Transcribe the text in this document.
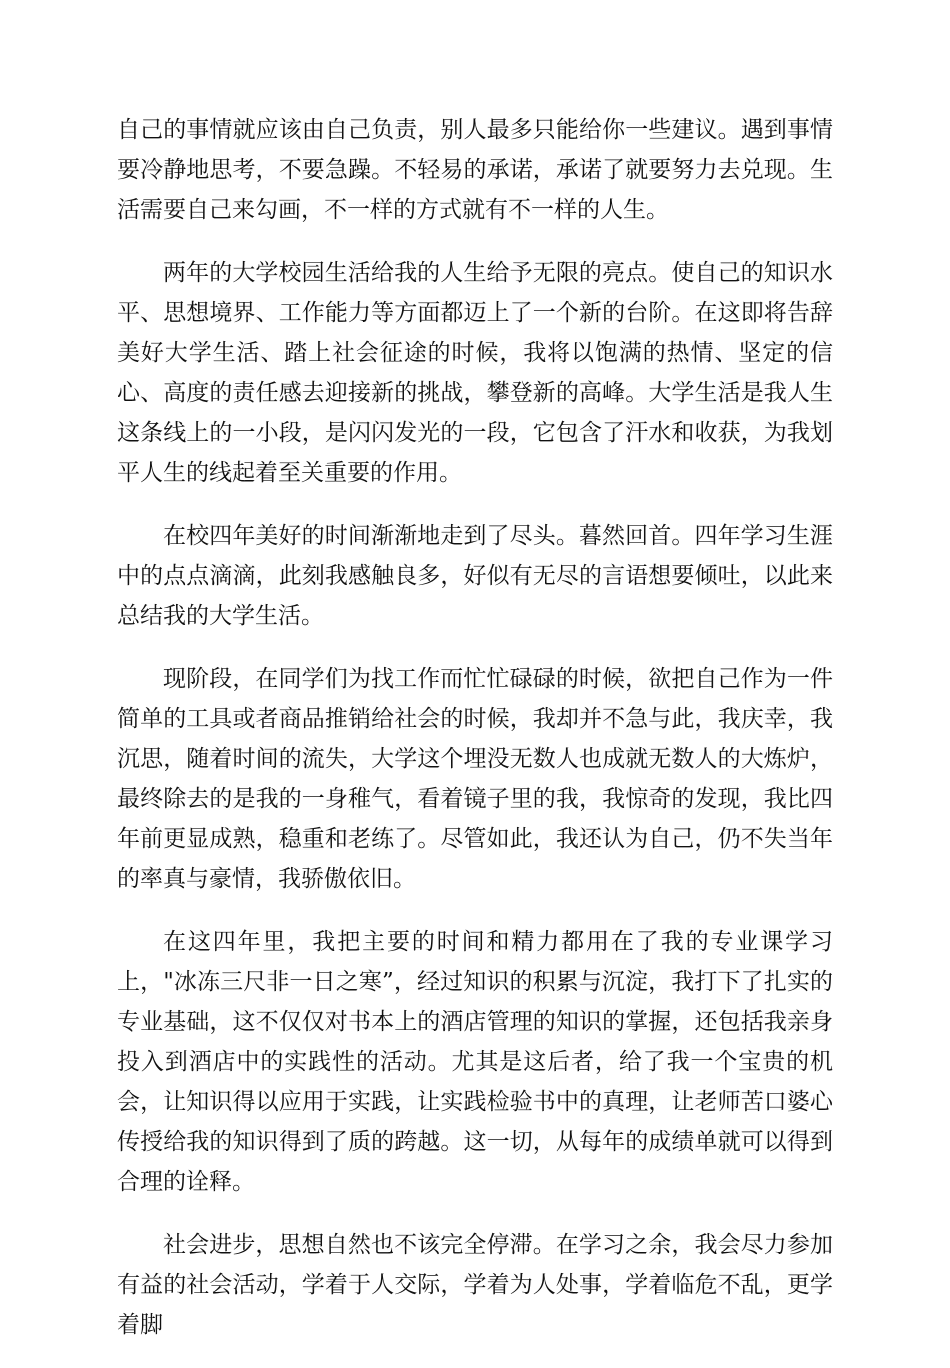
自己的事情就应该由自己负责，别人最多只能给你一些建议。遇到事情要冷静地思考，不要急躁。不轻易的承诺，承诺了就要努力去兑现。生活需要自己来勾画，不一样的方式就有不一样的人生。

两年的大学校园生活给我的人生给予无限的亮点。使自己的知识水平、思想境界、工作能力等方面都迈上了一个新的台阶。在这即将告辞美好大学生活、踏上社会征途的时候，我将以饱满的热情、坚定的信心、高度的责任感去迎接新的挑战，攀登新的高峰。大学生活是我人生这条线上的一小段，是闪闪发光的一段，它包含了汗水和收获，为我划平人生的线起着至关重要的作用。

在校四年美好的时间渐渐地走到了尽头。暮然回首。四年学习生涯中的点点滴滴，此刻我感触良多，好似有无尽的言语想要倾吐，以此来总结我的大学生活。

现阶段，在同学们为找工作而忙忙碌碌的时候，欲把自己作为一件简单的工具或者商品推销给社会的时候，我却并不急与此，我庆幸，我沉思，随着时间的流失，大学这个埋没无数人也成就无数人的大炼炉，最终除去的是我的一身稚气，看着镜子里的我，我惊奇的发现，我比四年前更显成熟，稳重和老练了。尽管如此，我还认为自己，仍不失当年的率真与豪情，我骄傲依旧。

在这四年里，我把主要的时间和精力都用在了我的专业课学习上，"冰冻三尺非一日之寒”，经过知识的积累与沉淀，我打下了扎实的专业基础，这不仅仅对书本上的酒店管理的知识的掌握，还包括我亲身投入到酒店中的实践性的活动。尤其是这后者，给了我一个宝贵的机会，让知识得以应用于实践，让实践检验书中的真理，让老师苦口婆心传授给我的知识得到了质的跨越。这一切，从每年的成绩单就可以得到合理的诠释。

社会进步，思想自然也不该完全停滞。在学习之余，我会尽力参加有益的社会活动，学着于人交际，学着为人处事，学着临危不乱，更学着脚
